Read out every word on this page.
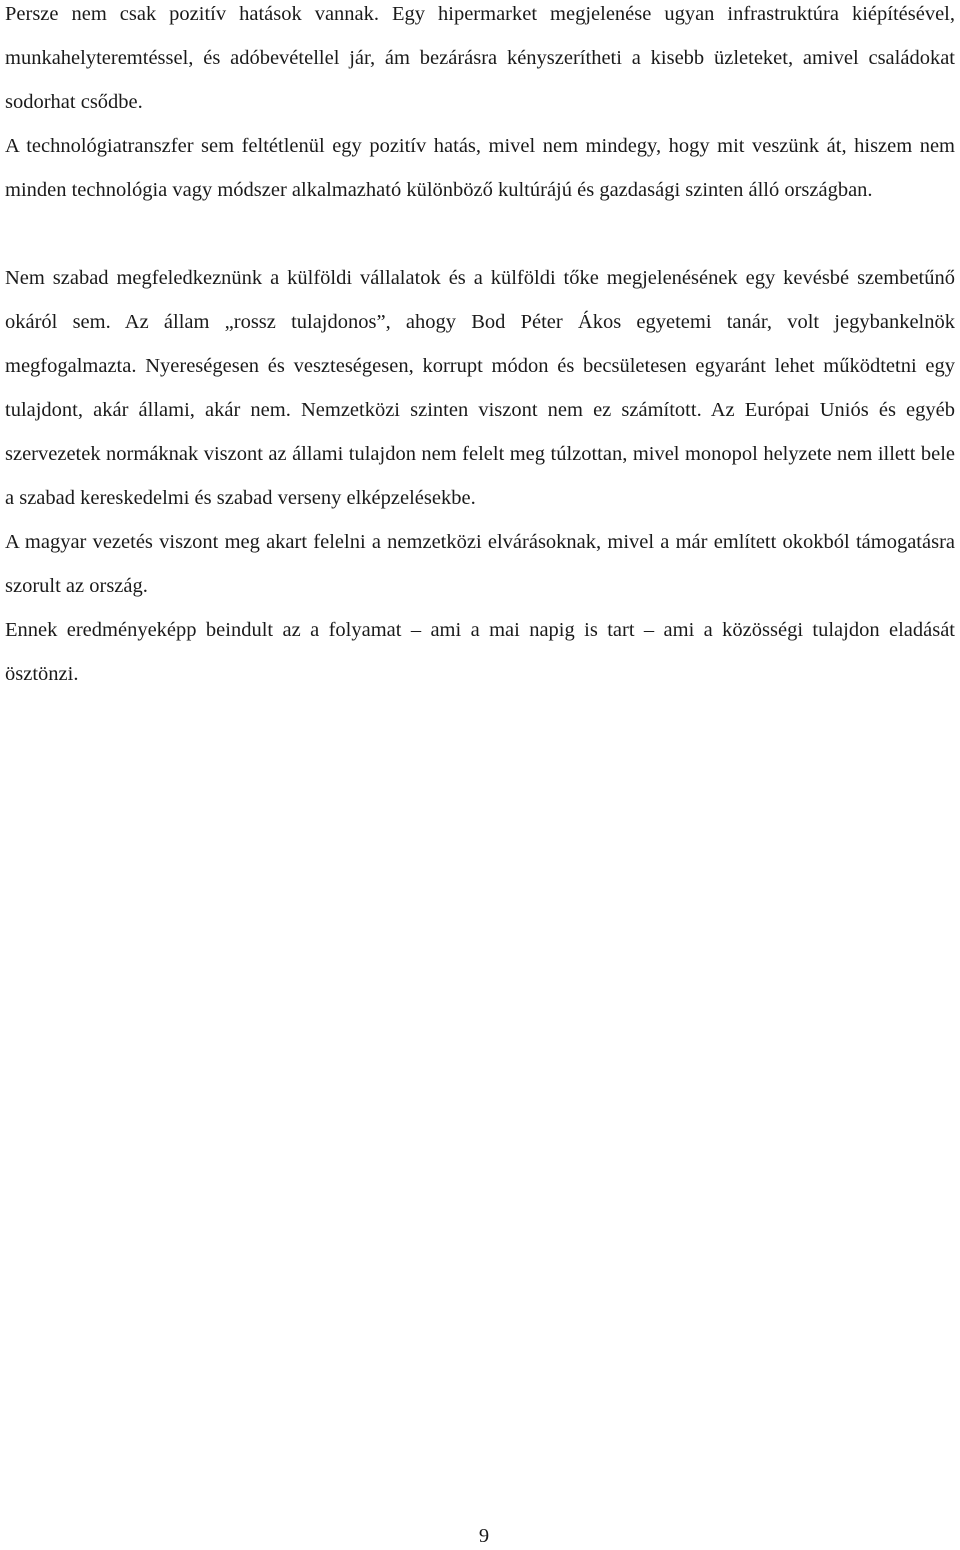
Persze nem csak pozitív hatások vannak. Egy hipermarket megjelenése ugyan infrastruktúra kiépítésével, munkahelyteremtéssel, és adóbevétellel jár, ám bezárásra kényszerítheti a kisebb üzleteket, amivel családokat sodorhat csődbe.

A technológiatranszfer sem feltétlenül egy pozitív hatás, mivel nem mindegy, hogy mit veszünk át, hiszem nem minden technológia vagy módszer alkalmazható különböző kultúrájú és gazdasági szinten álló országban.

Nem szabad megfeledkeznünk a külföldi vállalatok és a külföldi tőke megjelenésének egy kevésbé szembetűnő okáról sem. Az állam „rossz tulajdonos”, ahogy Bod Péter Ákos egyetemi tanár, volt jegybankelnök megfogalmazta. Nyereségesen és veszteségesen, korrupt módon és becsületesen egyaránt lehet működtetni egy tulajdont, akár állami, akár nem. Nemzetközi szinten viszont nem ez számított. Az Európai Uniós és egyéb szervezetek normáknak viszont az állami tulajdon nem felelt meg túlzottan, mivel monopol helyzete nem illett bele a szabad kereskedelmi és szabad verseny elképzelésekbe.

A magyar vezetés viszont meg akart felelni a nemzetközi elvárásoknak, mivel a már említett okokból támogatásra szorult az ország.

Ennek eredményeképp beindult az a folyamat – ami a mai napig is tart – ami a közösségi tulajdon eladását ösztönzi.

9
